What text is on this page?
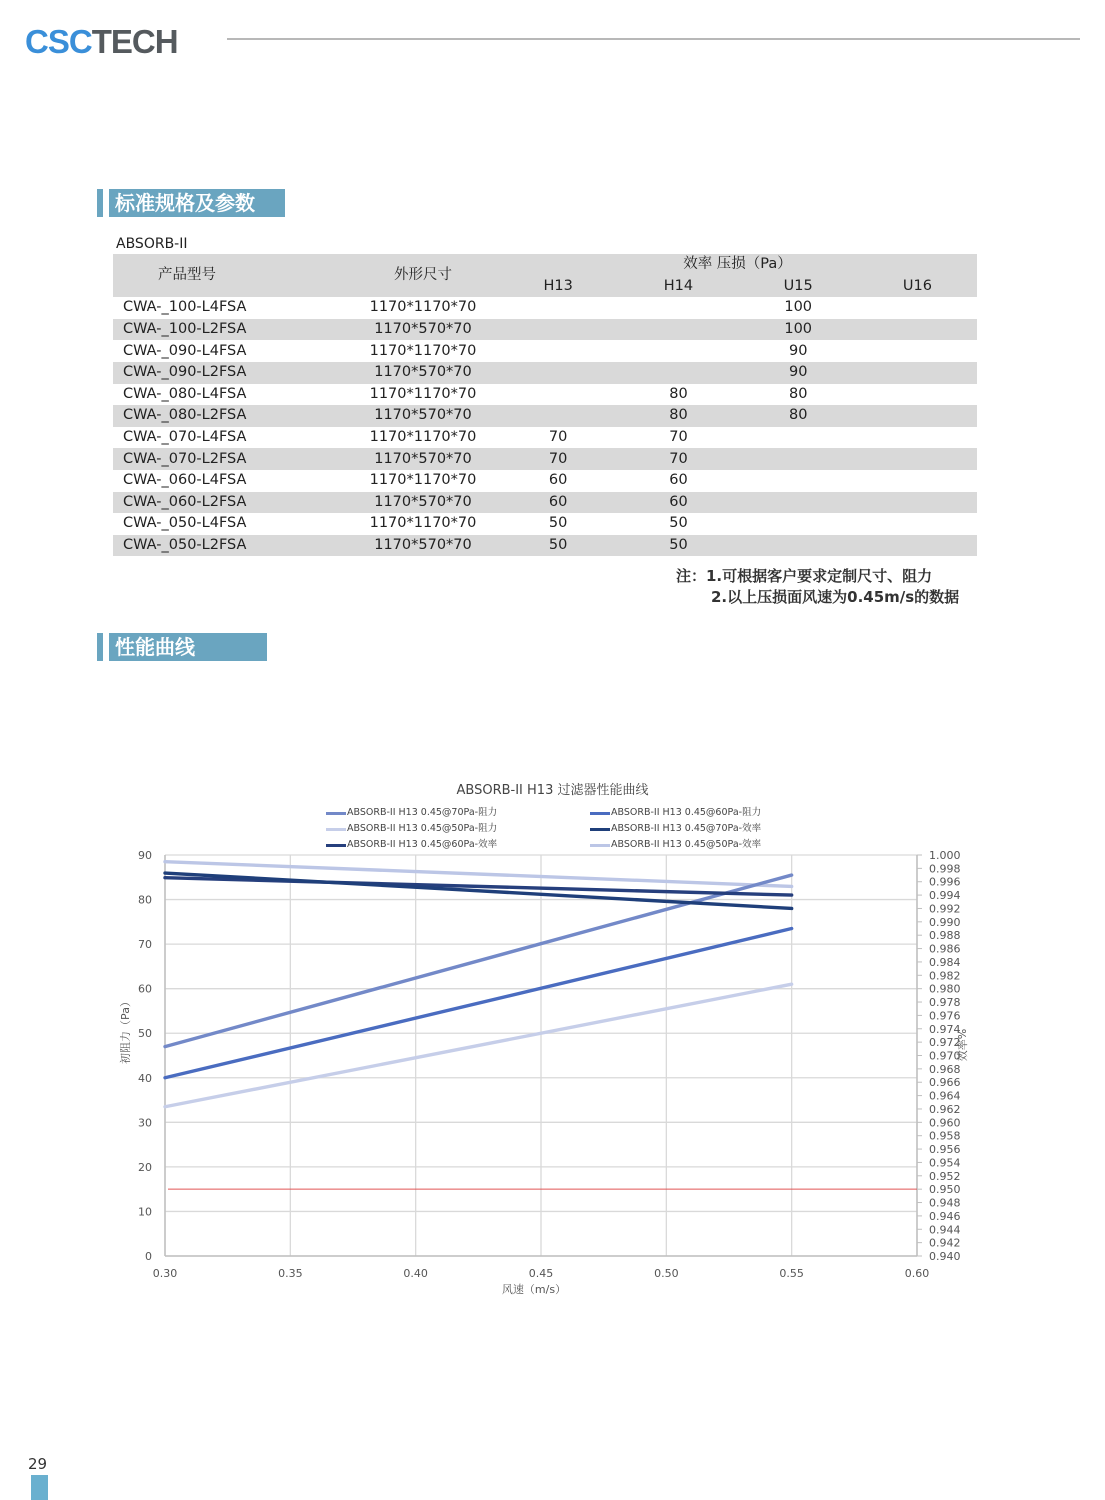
CSCTECH
标准规格及参数
ABSORB-II
产品型号	外形尺寸	效率 压损（Pa）			
		H13	H14	U15	U16
CWA-_100-L4FSA	1170*1170*70			100	
CWA-_100-L2FSA	1170*570*70			100	
CWA-_090-L4FSA	1170*1170*70			90	
CWA-_090-L2FSA	1170*570*70			90	
CWA-_080-L4FSA	1170*1170*70		80	80	
CWA-_080-L2FSA	1170*570*70		80	80	
CWA-_070-L4FSA	1170*1170*70	70	70		
CWA-_070-L2FSA	1170*570*70	70	70		
CWA-_060-L4FSA	1170*1170*70	60	60		
CWA-_060-L2FSA	1170*570*70	60	60		
CWA-_050-L4FSA	1170*1170*70	50	50		
CWA-_050-L2FSA	1170*570*70	50	50		
注：1.可根据客户要求定制尺寸、阻力
2.以上压损面风速为0.45m/s的数据
性能曲线
ABSORB-II H13 过滤器性能曲线
ABSORB-II H13 0.45@70Pa-阻力
ABSORB-II H13 0.45@50Pa-阻力
ABSORB-II H13 0.45@60Pa-效率
ABSORB-II H13 0.45@60Pa-阻力
ABSORB-II H13 0.45@70Pa-效率
ABSORB-II H13 0.45@50Pa-效率
0
10
20
30
40
50
60
70
80
90
0.30	0.35	0.40	0.45	0.50	0.55	0.60
0.940
0.942
0.944
0.946
0.948
0.950
0.952
0.954
0.956
0.958
0.960
0.962
0.964
0.966
0.968
0.970
0.972
0.974
0.976
0.978
0.980
0.982
0.984
0.986
0.988
0.990
0.992
0.994
0.996
0.998
1.000
风速（m/s）
初阻力（Pa）	效率%
29
